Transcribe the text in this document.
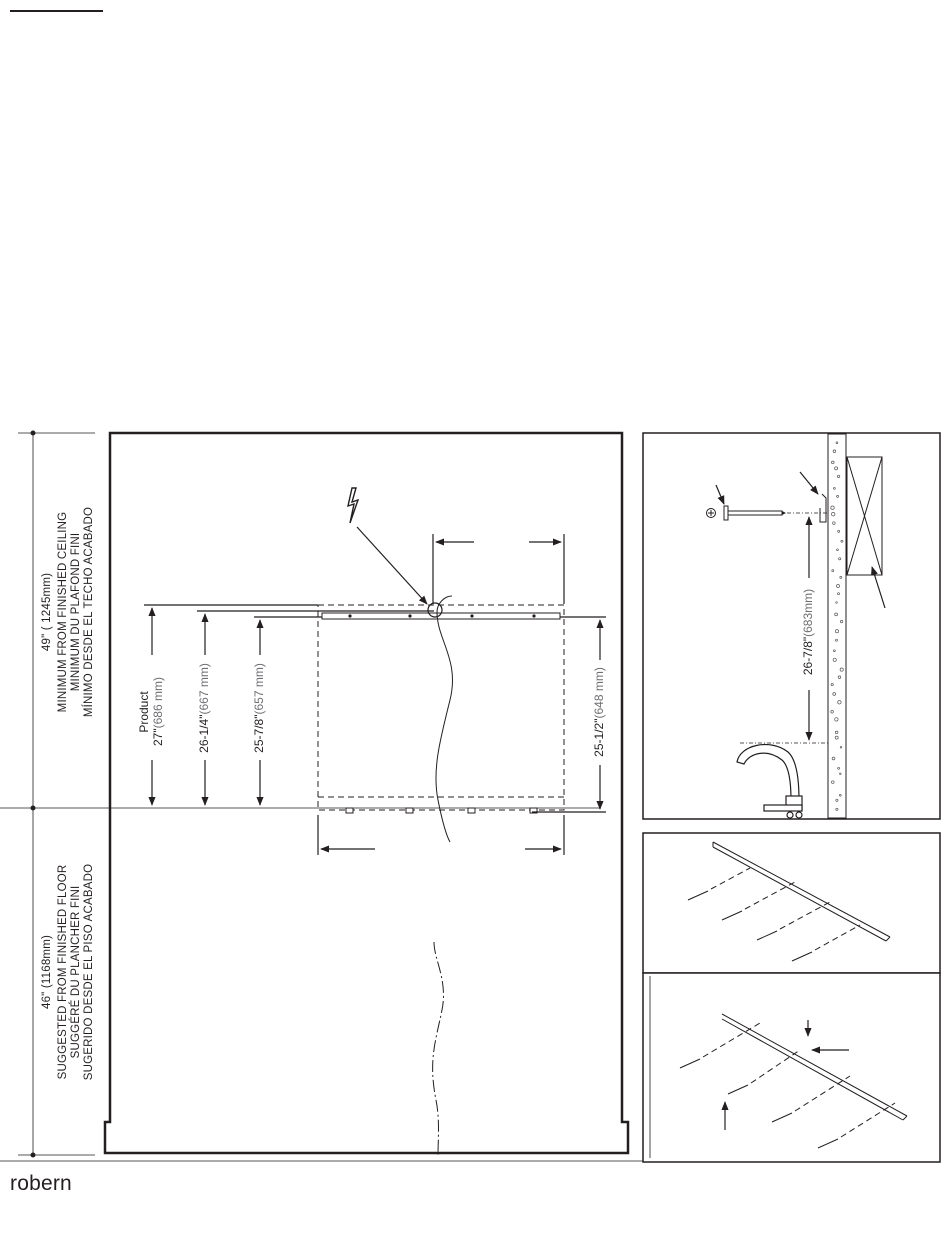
49" ( 1245mm) MINIMUM FROM FINISHED CEILING MINIMUM DU PLAFOND FINI MÍNIMO DESDE EL TECHO ACABADO
46" (1168mm) SUGGESTED FROM FINISHED FLOOR SUGGÉRÉ DU PLANCHER FINI SUGERIDO DESDE EL PISO ACABADO
Product
27"(686 mm)
26-1/4"(667 mm)
25-7/8"(657 mm)
25-1/2"(648 mm)
26-7/8"(683mm)
robern
